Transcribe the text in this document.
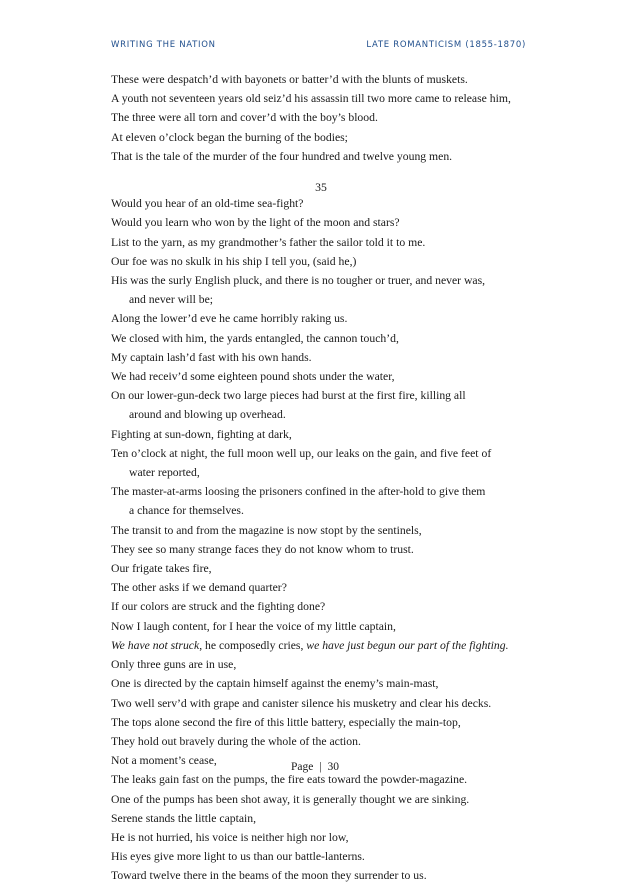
WRITING THE NATION	LATE ROMANTICISM (1855-1870)
These were despatch’d with bayonets or batter’d with the blunts of muskets.
A youth not seventeen years old seiz’d his assassin till two more came to release him,
The three were all torn and cover’d with the boy’s blood.
At eleven o’clock began the burning of the bodies;
That is the tale of the murder of the four hundred and twelve young men.
35
Would you hear of an old-time sea-fight?
Would you learn who won by the light of the moon and stars?
List to the yarn, as my grandmother’s father the sailor told it to me.
Our foe was no skulk in his ship I tell you, (said he,)
His was the surly English pluck, and there is no tougher or truer, and never was,
and never will be;
Along the lower’d eve he came horribly raking us.
We closed with him, the yards entangled, the cannon touch’d,
My captain lash’d fast with his own hands.
We had receiv’d some eighteen pound shots under the water,
On our lower-gun-deck two large pieces had burst at the first fire, killing all
around and blowing up overhead.
Fighting at sun-down, fighting at dark,
Ten o’clock at night, the full moon well up, our leaks on the gain, and five feet of
water reported,
The master-at-arms loosing the prisoners confined in the after-hold to give them
a chance for themselves.
The transit to and from the magazine is now stopt by the sentinels,
They see so many strange faces they do not know whom to trust.
Our frigate takes fire,
The other asks if we demand quarter?
If our colors are struck and the fighting done?
Now I laugh content, for I hear the voice of my little captain,
We have not struck, he composedly cries, we have just begun our part of the fighting.
Only three guns are in use,
One is directed by the captain himself against the enemy’s main-mast,
Two well serv’d with grape and canister silence his musketry and clear his decks.
The tops alone second the fire of this little battery, especially the main-top,
They hold out bravely during the whole of the action.
Not a moment’s cease,
The leaks gain fast on the pumps, the fire eats toward the powder-magazine.
One of the pumps has been shot away, it is generally thought we are sinking.
Serene stands the little captain,
He is not hurried, his voice is neither high nor low,
His eyes give more light to us than our battle-lanterns.
Toward twelve there in the beams of the moon they surrender to us.
Page | 30
